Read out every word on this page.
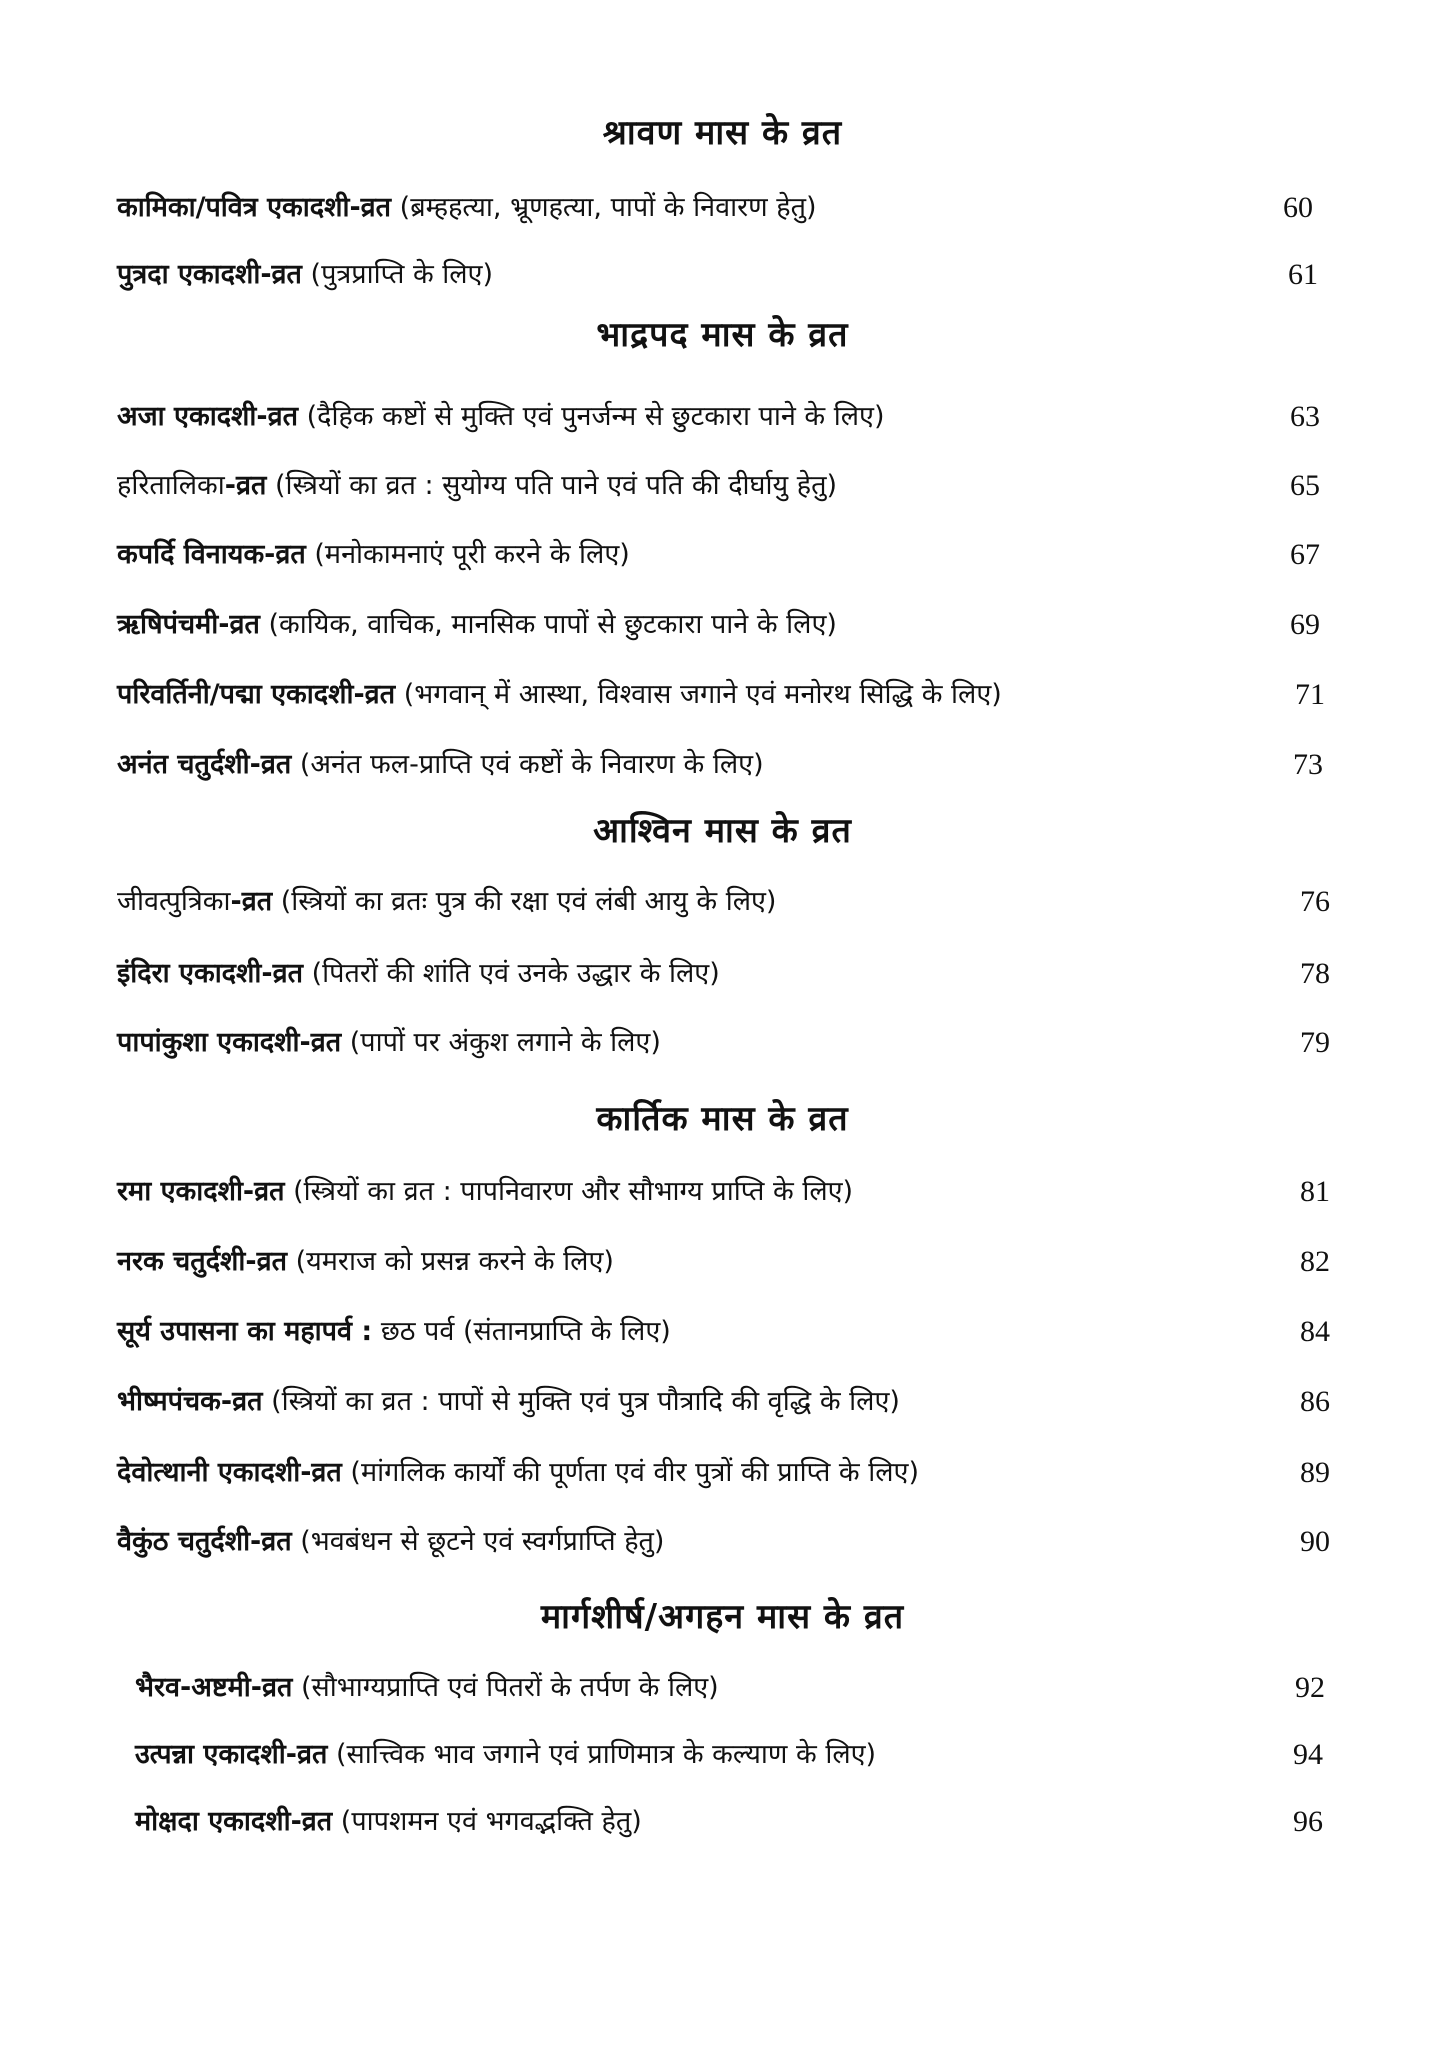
श्रावण मास के व्रत
कामिका/पवित्र एकादशी-व्रत (ब्रम्हहत्या, भ्रूणहत्या, पापों के निवारण हेतु)	60
पुत्रदा एकादशी-व्रत (पुत्रप्राप्ति के लिए)	61
भाद्रपद मास के व्रत
अजा एकादशी-व्रत (दैहिक कष्टों से मुक्ति एवं पुनर्जन्म से छुटकारा पाने के लिए)	63
हरितालिका-व्रत (स्त्रियों का व्रत : सुयोग्य पति पाने एवं पति की दीर्घायु हेतु)	65
कपर्दि विनायक-व्रत (मनोकामनाएं पूरी करने के लिए)	67
ऋषिपंचमी-व्रत (कायिक, वाचिक, मानसिक पापों से छुटकारा पाने के लिए)	69
परिवर्तिनी/पद्मा एकादशी-व्रत (भगवान् में आस्था, विश्वास जगाने एवं मनोरथ सिद्धि के लिए)	71
अनंत चतुर्दशी-व्रत (अनंत फल-प्राप्ति एवं कष्टों के निवारण के लिए)	73
आश्विन मास के व्रत
जीवत्पुत्रिका-व्रत (स्त्रियों का व्रतः पुत्र की रक्षा एवं लंबी आयु के लिए)	76
इंदिरा एकादशी-व्रत (पितरों की शांति एवं उनके उद्धार के लिए)	78
पापांकुशा एकादशी-व्रत (पापों पर अंकुश लगाने के लिए)	79
कार्तिक मास के व्रत
रमा एकादशी-व्रत (स्त्रियों का व्रत : पापनिवारण और सौभाग्य प्राप्ति के लिए)	81
नरक चतुर्दशी-व्रत (यमराज को प्रसन्न करने के लिए)	82
सूर्य उपासना का महापर्व : छठ पर्व (संतानप्राप्ति के लिए)	84
भीष्मपंचक-व्रत (स्त्रियों का व्रत : पापों से मुक्ति एवं पुत्र पौत्रादि की वृद्धि के लिए)	86
देवोत्थानी एकादशी-व्रत (मांगलिक कार्यों की पूर्णता एवं वीर पुत्रों की प्राप्ति के लिए)	89
वैकुंठ चतुर्दशी-व्रत (भवबंधन से छूटने एवं स्वर्गप्राप्ति हेतु)	90
मार्गशीर्ष/अगहन मास के व्रत
भैरव-अष्टमी-व्रत (सौभाग्यप्राप्ति एवं पितरों के तर्पण के लिए)	92
उत्पन्ना एकादशी-व्रत (सात्त्विक भाव जगाने एवं प्राणिमात्र के कल्याण के लिए)	94
मोक्षदा एकादशी-व्रत (पापशमन एवं भगवद्भक्ति हेतु)	96
